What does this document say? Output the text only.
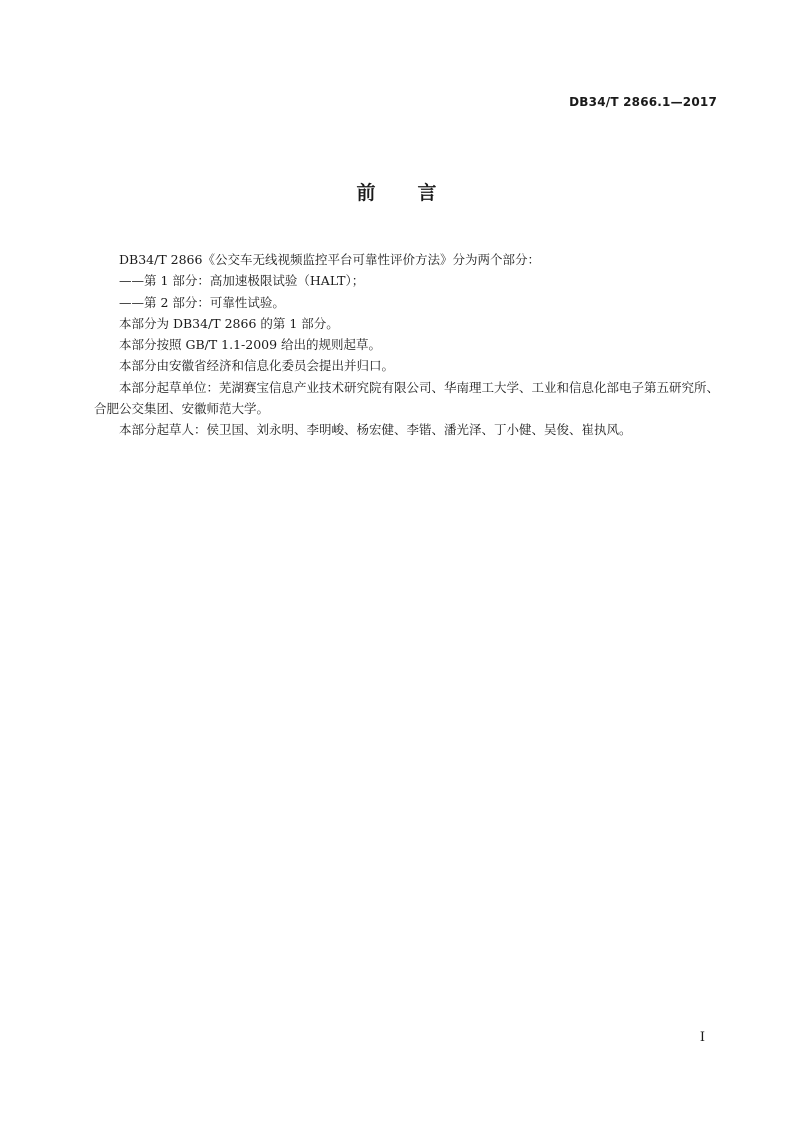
DB34/T 2866.1—2017
前言

DB34/T 2866《公交车无线视频监控平台可靠性评价方法》分为两个部分：

——第 1 部分：高加速极限试验（HALT）；

——第 2 部分：可靠性试验。

本部分为 DB34/T 2866 的第 1 部分。

本部分按照 GB/T 1.1-2009 给出的规则起草。

本部分由安徽省经济和信息化委员会提出并归口。

本部分起草单位：芜湖赛宝信息产业技术研究院有限公司、华南理工大学、工业和信息化部电子第五研究所、合肥公交集团、安徽师范大学。

本部分起草人：侯卫国、刘永明、李明峻、杨宏健、李锴、潘光泽、丁小健、吴俊、崔执风。

I
